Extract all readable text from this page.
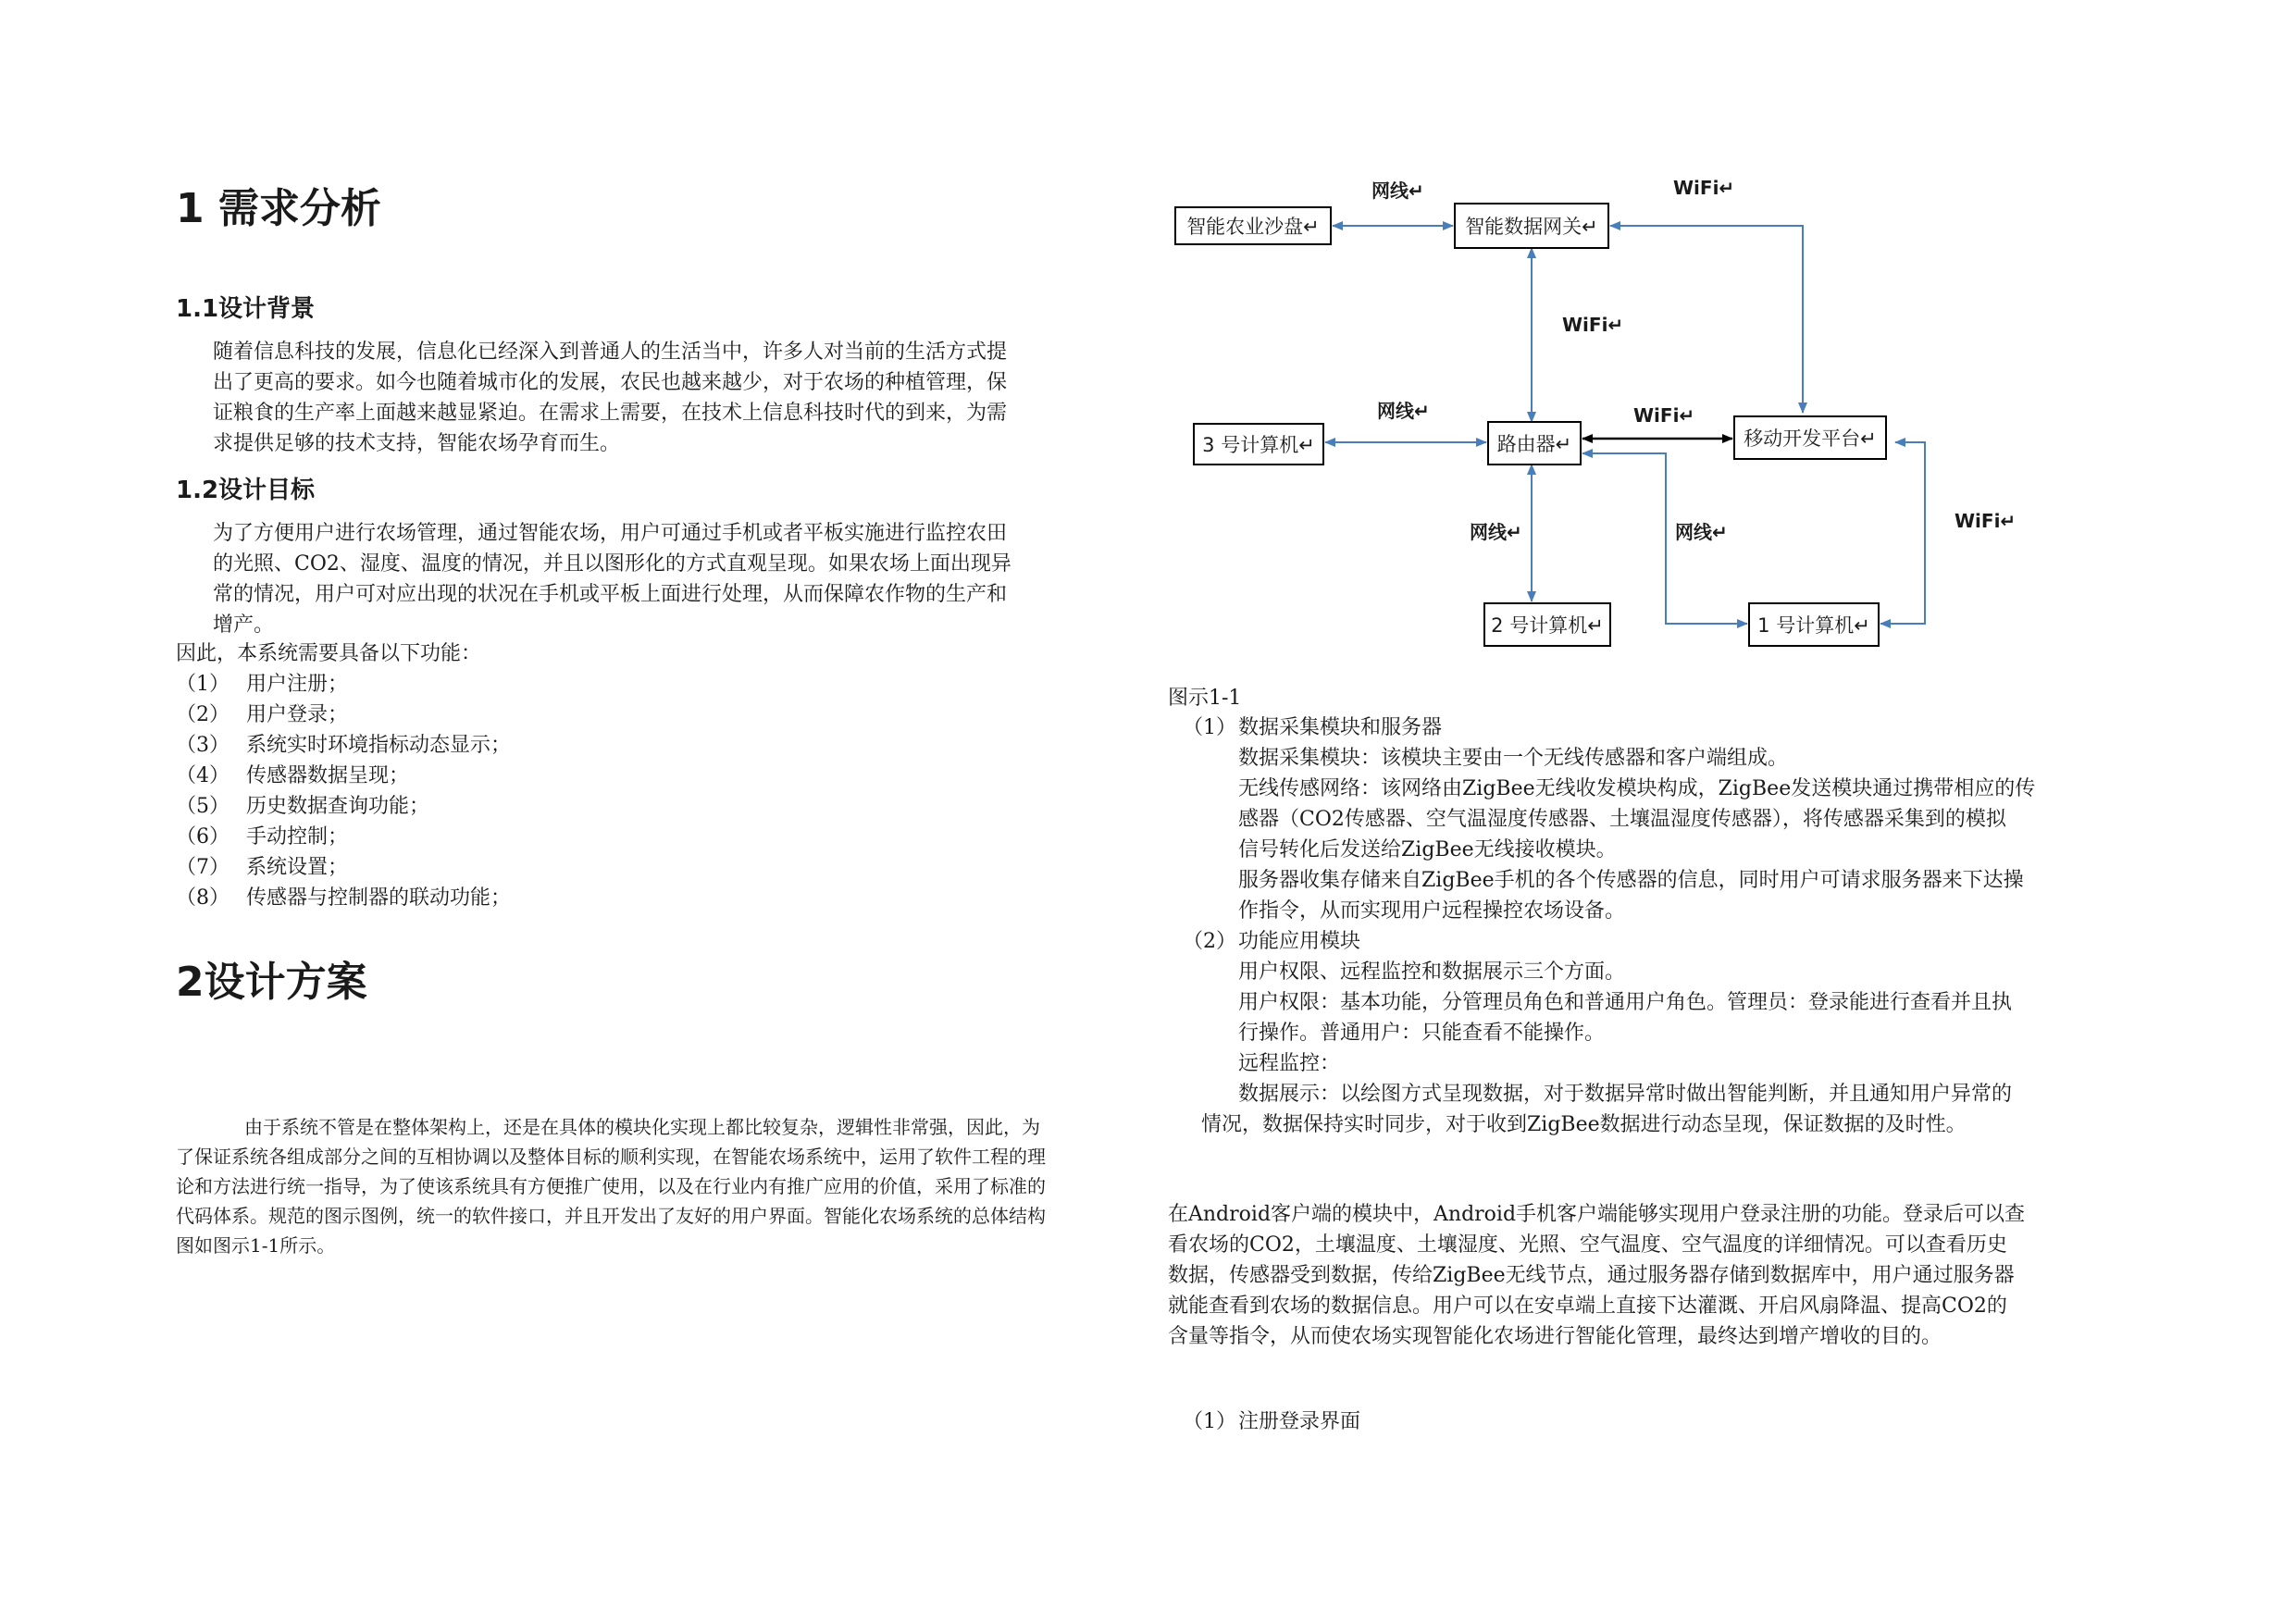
1 需求分析
1.1设计背景
随着信息科技的发展，信息化已经深入到普通人的生活当中，许多人对当前的生活方式提
出了更高的要求。如今也随着城市化的发展，农民也越来越少，对于农场的种植管理，保
证粮食的生产率上面越来越显紧迫。在需求上需要，在技术上信息科技时代的到来，为需
求提供足够的技术支持，智能农场孕育而生。
1.2设计目标
为了方便用户进行农场管理，通过智能农场，用户可通过手机或者平板实施进行监控农田
的光照、CO2、湿度、温度的情况，并且以图形化的方式直观呈现。如果农场上面出现异
常的情况，用户可对应出现的状况在手机或平板上面进行处理，从而保障农作物的生产和
增产。
因此，本系统需要具备以下功能：
（1） 用户注册；
（2） 用户登录；
（3） 系统实时环境指标动态显示；
（4） 传感器数据呈现；
（5） 历史数据查询功能；
（6） 手动控制；
（7） 系统设置；
（8） 传感器与控制器的联动功能；
2设计方案
由于系统不管是在整体架构上，还是在具体的模块化实现上都比较复杂，逻辑性非常强，因此，为
了保证系统各组成部分之间的互相协调以及整体目标的顺利实现，在智能农场系统中，运用了软件工程的理
论和方法进行统一指导，为了使该系统具有方便推广使用，以及在行业内有推广应用的价值，采用了标准的
代码体系。规范的图示图例，统一的软件接口，并且开发出了友好的用户界面。智能化农场系统的总体结构
图如图示1-1所示。
智能农业沙盘↵	智能数据网关↵
3 号计算机↵	路由器↵	移动开发平台↵
2 号计算机↵	1 号计算机↵
网线↵	WiFi↵
WiFi↵
网线↵	WiFi↵
网线↵	网线↵	WiFi↵
图示1-1
（1） 数据采集模块和服务器
数据采集模块：该模块主要由一个无线传感器和客户端组成。
无线传感网络：该网络由ZigBee无线收发模块构成，ZigBee发送模块通过携带相应的传
感器（CO2传感器、空气温湿度传感器、土壤温湿度传感器），将传感器采集到的模拟
信号转化后发送给ZigBee无线接收模块。
服务器收集存储来自ZigBee手机的各个传感器的信息，同时用户可请求服务器来下达操
作指令，从而实现用户远程操控农场设备。
（2） 功能应用模块
用户权限、远程监控和数据展示三个方面。
用户权限：基本功能，分管理员角色和普通用户角色。管理员：登录能进行查看并且执
行操作。普通用户：只能查看不能操作。
远程监控：
数据展示：以绘图方式呈现数据，对于数据异常时做出智能判断，并且通知用户异常的
情况，数据保持实时同步，对于收到ZigBee数据进行动态呈现，保证数据的及时性。
在Android客户端的模块中，Android手机客户端能够实现用户登录注册的功能。登录后可以查
看农场的CO2，土壤温度、土壤湿度、光照、空气温度、空气温度的详细情况。可以查看历史
数据，传感器受到数据，传给ZigBee无线节点，通过服务器存储到数据库中，用户通过服务器
就能查看到农场的数据信息。用户可以在安卓端上直接下达灌溉、开启风扇降温、提高CO2的
含量等指令，从而使农场实现智能化农场进行智能化管理，最终达到增产增收的目的。
（1） 注册登录界面
